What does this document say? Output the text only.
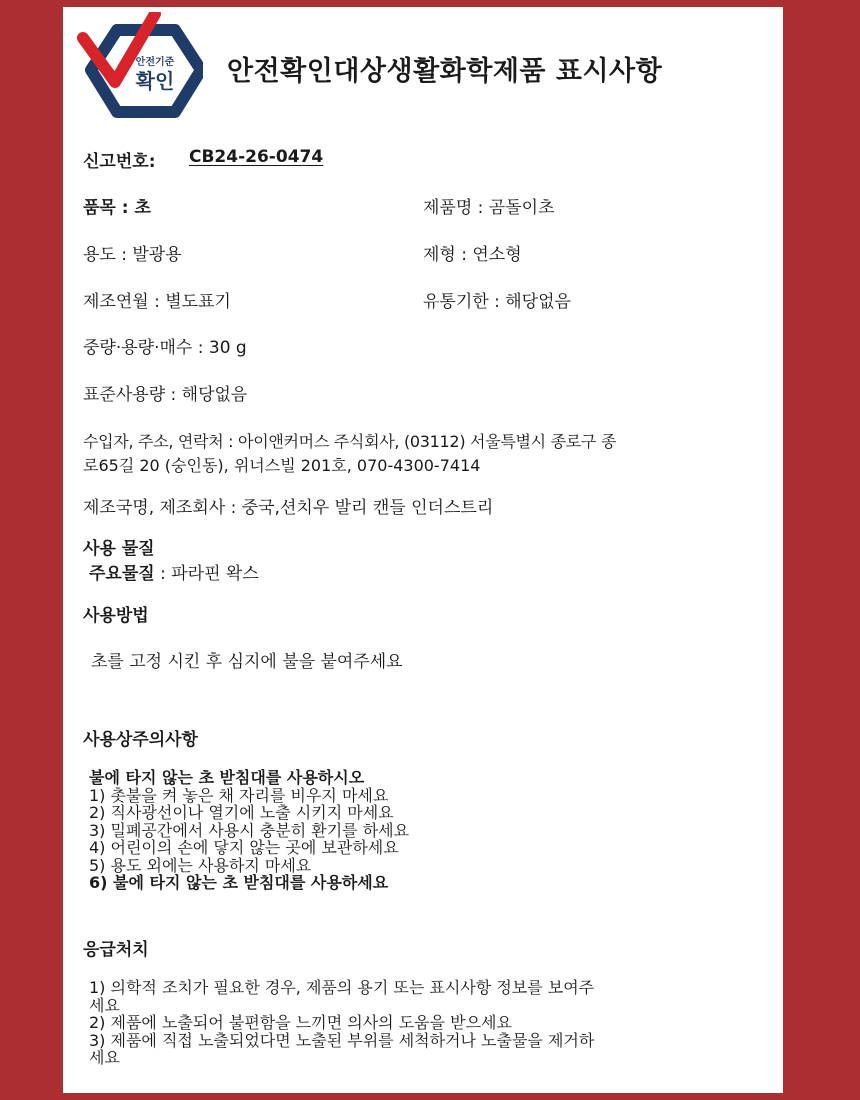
안전기준
확인 안전확인대상생활화학제품 표시사항
신고번호: CB24-26-0474
품목 : 초	제품명 : 곰돌이초
용도 : 발광용	제형 : 연소형
제조연월 : 별도표기	유통기한 : 해당없음
중량·용량·매수 : 30 g
표준사용량 : 해당없음
수입자, 주소, 연락처 : 아이앤커머스 주식회사, (03112) 서울특별시 종로구 종
로65길 20 (숭인동), 위너스빌 201호, 070-4300-7414
제조국명, 제조회사 : 중국,션치우 발리 캔들 인더스트리
사용 물질
주요물질 : 파라핀 왁스
사용방법
초를 고정 시킨 후 심지에 불을 붙여주세요
사용상주의사항
불에 타지 않는 초 받침대를 사용하시오
1) 촛불을 켜 놓은 채 자리를 비우지 마세요
2) 직사광선이나 열기에 노출 시키지 마세요
3) 밀폐공간에서 사용시 충분히 환기를 하세요
4) 어린이의 손에 닿지 않는 곳에 보관하세요
5) 용도 외에는 사용하지 마세요
6) 불에 타지 않는 초 받침대를 사용하세요
응급처치
1) 의학적 조치가 필요한 경우, 제품의 용기 또는 표시사항 정보를 보여주
세요
2) 제품에 노출되어 불편함을 느끼면 의사의 도움을 받으세요
3) 제품에 직접 노출되었다면 노출된 부위를 세척하거나 노출물을 제거하
세요
